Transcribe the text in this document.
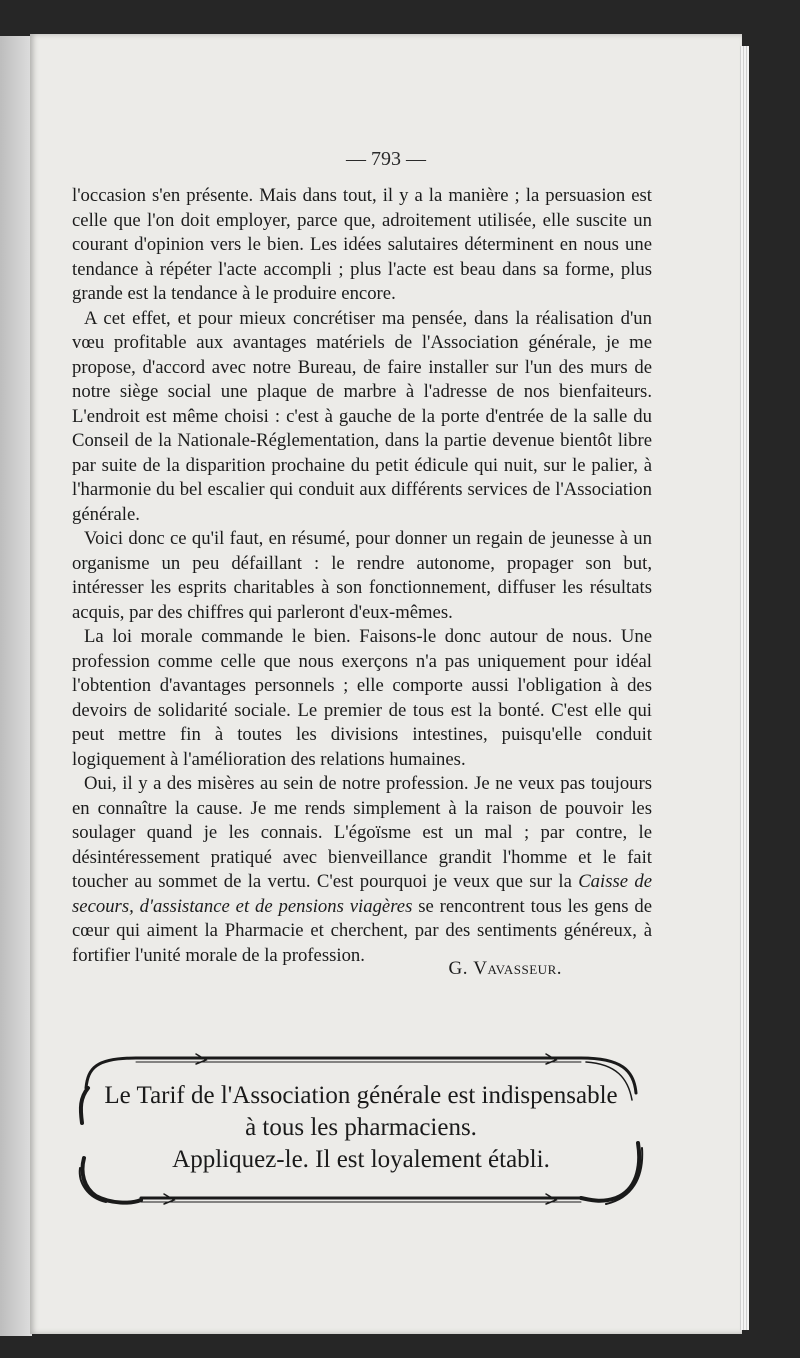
— 793 —

l'occasion s'en présente. Mais dans tout, il y a la manière ; la persuasion est celle que l'on doit employer, parce que, adroitement utilisée, elle suscite un courant d'opinion vers le bien. Les idées salutaires déterminent en nous une tendance à répéter l'acte accompli ; plus l'acte est beau dans sa forme, plus grande est la tendance à le produire encore.

A cet effet, et pour mieux concrétiser ma pensée, dans la réalisation d'un vœu profitable aux avantages matériels de l'Association générale, je me propose, d'accord avec notre Bureau, de faire installer sur l'un des murs de notre siège social une plaque de marbre à l'adresse de nos bienfaiteurs. L'endroit est même choisi : c'est à gauche de la porte d'entrée de la salle du Conseil de la Nationale-Réglementation, dans la partie devenue bientôt libre par suite de la disparition prochaine du petit édicule qui nuit, sur le palier, à l'harmonie du bel escalier qui conduit aux différents services de l'Association générale.

Voici donc ce qu'il faut, en résumé, pour donner un regain de jeunesse à un organisme un peu défaillant : le rendre autonome, propager son but, intéresser les esprits charitables à son fonctionnement, diffuser les résultats acquis, par des chiffres qui parleront d'eux-mêmes.

La loi morale commande le bien. Faisons-le donc autour de nous. Une profession comme celle que nous exerçons n'a pas uniquement pour idéal l'obtention d'avantages personnels ; elle comporte aussi l'obligation à des devoirs de solidarité sociale. Le premier de tous est la bonté. C'est elle qui peut mettre fin à toutes les divisions intestines, puisqu'elle conduit logiquement à l'amélioration des relations humaines.

Oui, il y a des misères au sein de notre profession. Je ne veux pas toujours en connaître la cause. Je me rends simplement à la raison de pouvoir les soulager quand je les connais. L'égoïsme est un mal ; par contre, le désintéressement pratiqué avec bienveillance grandit l'homme et le fait toucher au sommet de la vertu. C'est pourquoi je veux que sur la Caisse de secours, d'assistance et de pensions viagères se rencontrent tous les gens de cœur qui aiment la Pharmacie et cherchent, par des sentiments généreux, à fortifier l'unité morale de la profession.

G. Vavasseur.
Le Tarif de l'Association générale est indispensable
à tous les pharmaciens.
Appliquez-le. Il est loyalement établi.
